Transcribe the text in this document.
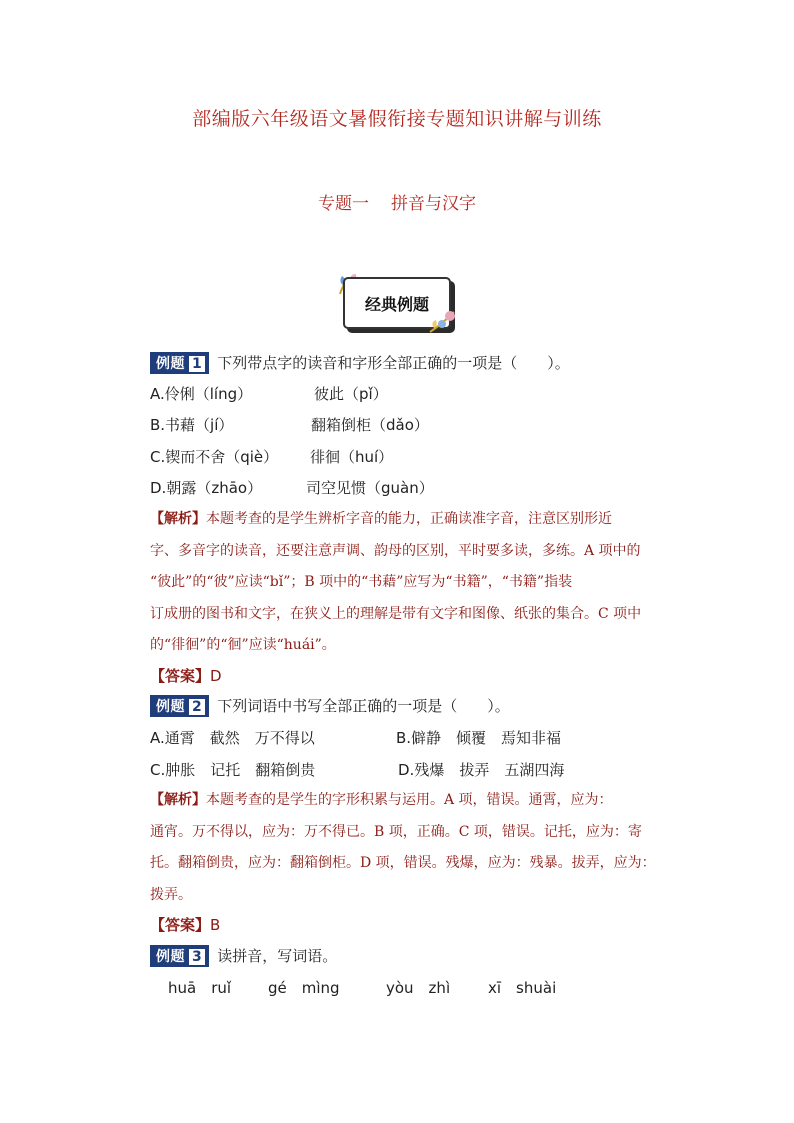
部编版六年级语文暑假衔接专题知识讲解与训练
专题一 拼音与汉字
经典例题
例题 1 下列带点字的读音和字形全部正确的一项是（　　）。
A.伶俐（líng）	彼此（pǐ）
B.书藉（jí）	翻箱倒柜（dǎo）
C.锲而不舍（qiè） 徘徊（huí）
D.朝露（zhāo）	司空见惯（guàn）
【解析】本题考查的是学生辨析字音的能力，正确读准字音，注意区别形近
字、多音字的读音，还要注意声调、韵母的区别，平时要多读，多练。A 项中的
“彼此”的“彼”应读“bǐ”；B 项中的“书藉”应写为“书籍”，“书籍”指装
订成册的图书和文字，在狭义上的理解是带有文字和图像、纸张的集合。C 项中
的“徘徊”的“徊”应读“huái”。
【答案】D
例题 2 下列词语中书写全部正确的一项是（　　）。
A.通霄　截然　万不得以	B.僻静　倾覆　焉知非福
C.肿胀　记托　翻箱倒贵	D.残爆　拔弄　五湖四海
【解析】本题考查的是学生的字形积累与运用。A 项，错误。通霄，应为：
通宵。万不得以，应为：万不得已。B 项，正确。C 项，错误。记托，应为：寄
托。翻箱倒贵，应为：翻箱倒柜。D 项，错误。残爆，应为：残暴。拔弄，应为：
拨弄。
【答案】B
例题 3 读拼音，写词语。
huā　ruǐ gé　mìng	yòu　zhì	xī　shuài
